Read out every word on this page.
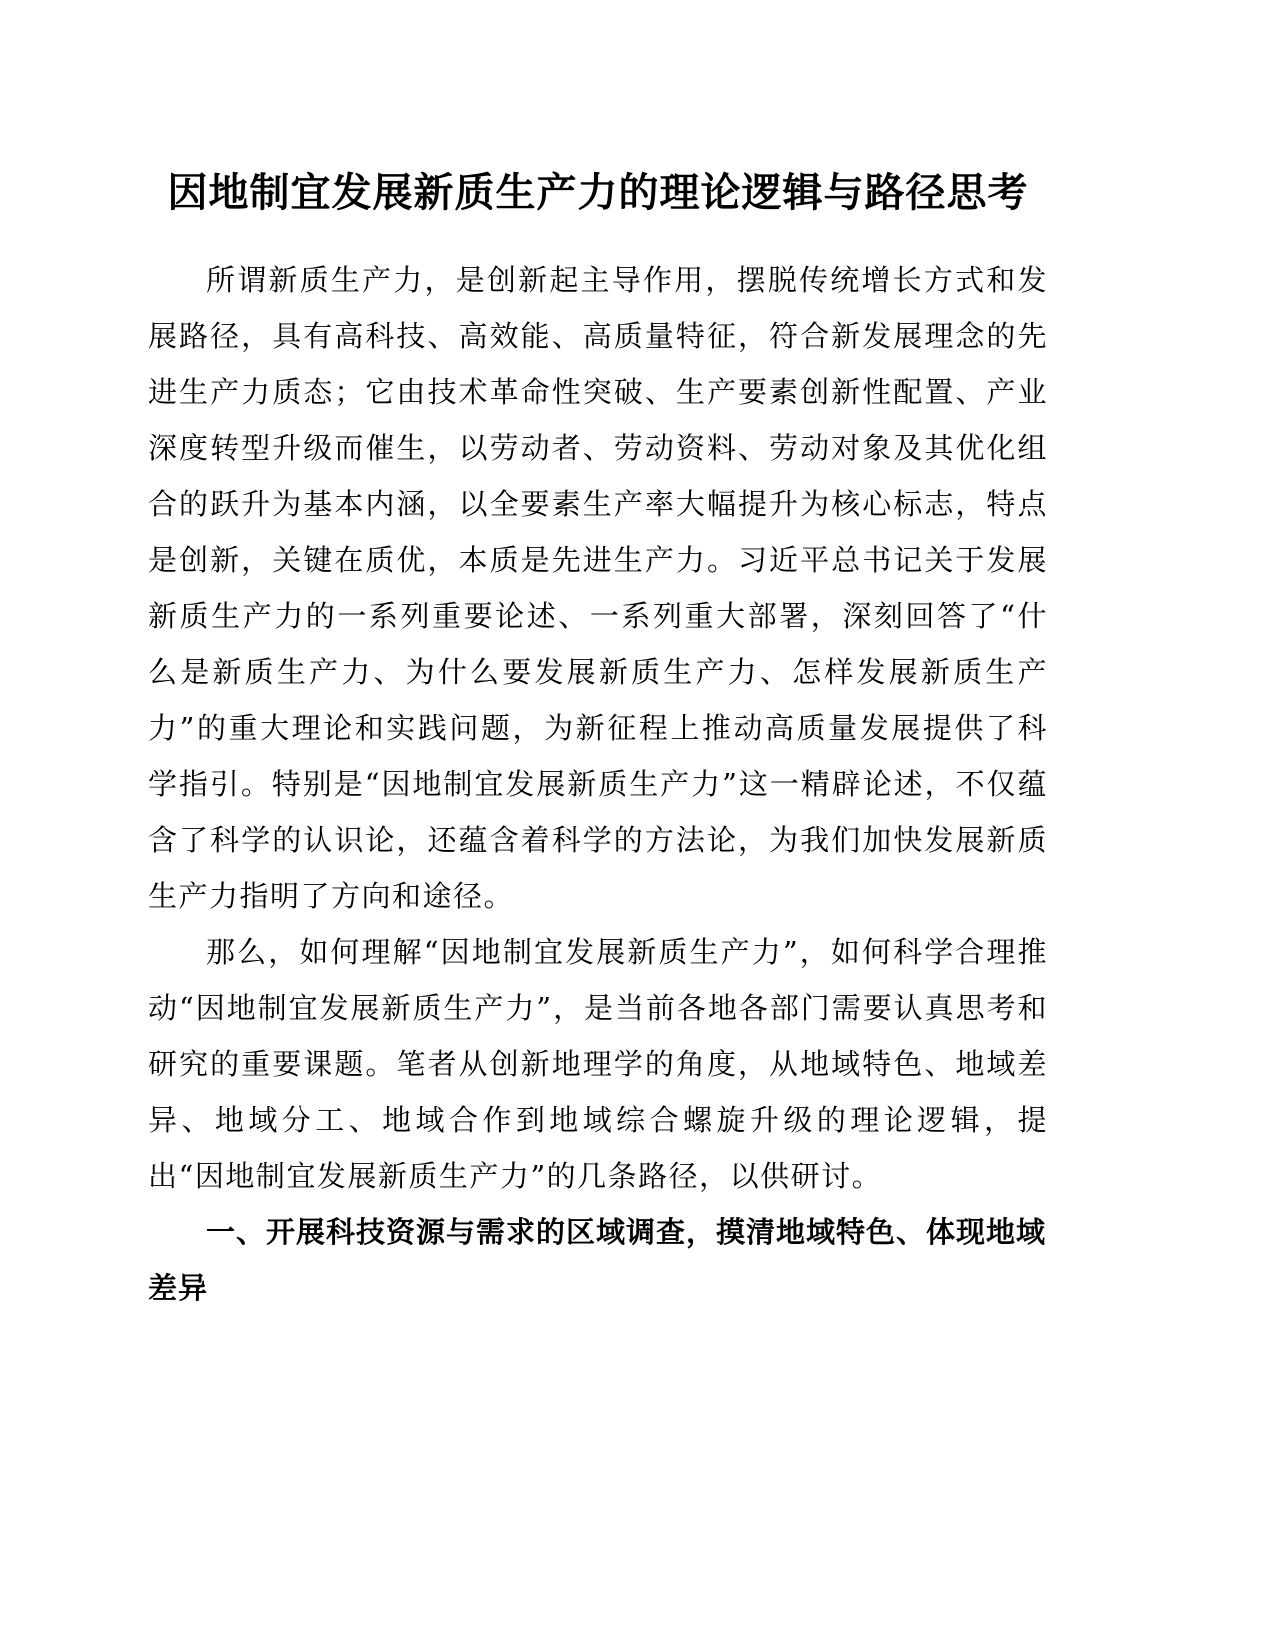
因地制宜发展新质生产力的理论逻辑与路径思考

所谓新质生产力，是创新起主导作用，摆脱传统增长方式和发展路径，具有高科技、高效能、高质量特征，符合新发展理念的先进生产力质态；它由技术革命性突破、生产要素创新性配置、产业深度转型升级而催生，以劳动者、劳动资料、劳动对象及其优化组合的跃升为基本内涵，以全要素生产率大幅提升为核心标志，特点是创新，关键在质优，本质是先进生产力。习近平总书记关于发展新质生产力的一系列重要论述、一系列重大部署，深刻回答了“什么是新质生产力、为什么要发展新质生产力、怎样发展新质生产力”的重大理论和实践问题，为新征程上推动高质量发展提供了科学指引。特别是“因地制宜发展新质生产力”这一精辟论述，不仅蕴含了科学的认识论，还蕴含着科学的方法论，为我们加快发展新质生产力指明了方向和途径。

那么，如何理解“因地制宜发展新质生产力”，如何科学合理推动“因地制宜发展新质生产力”，是当前各地各部门需要认真思考和研究的重要课题。笔者从创新地理学的角度，从地域特色、地域差异、地域分工、地域合作到地域综合螺旋升级的理论逻辑，提出“因地制宜发展新质生产力”的几条路径，以供研讨。

一、开展科技资源与需求的区域调查，摸清地域特色、体现地域差异
